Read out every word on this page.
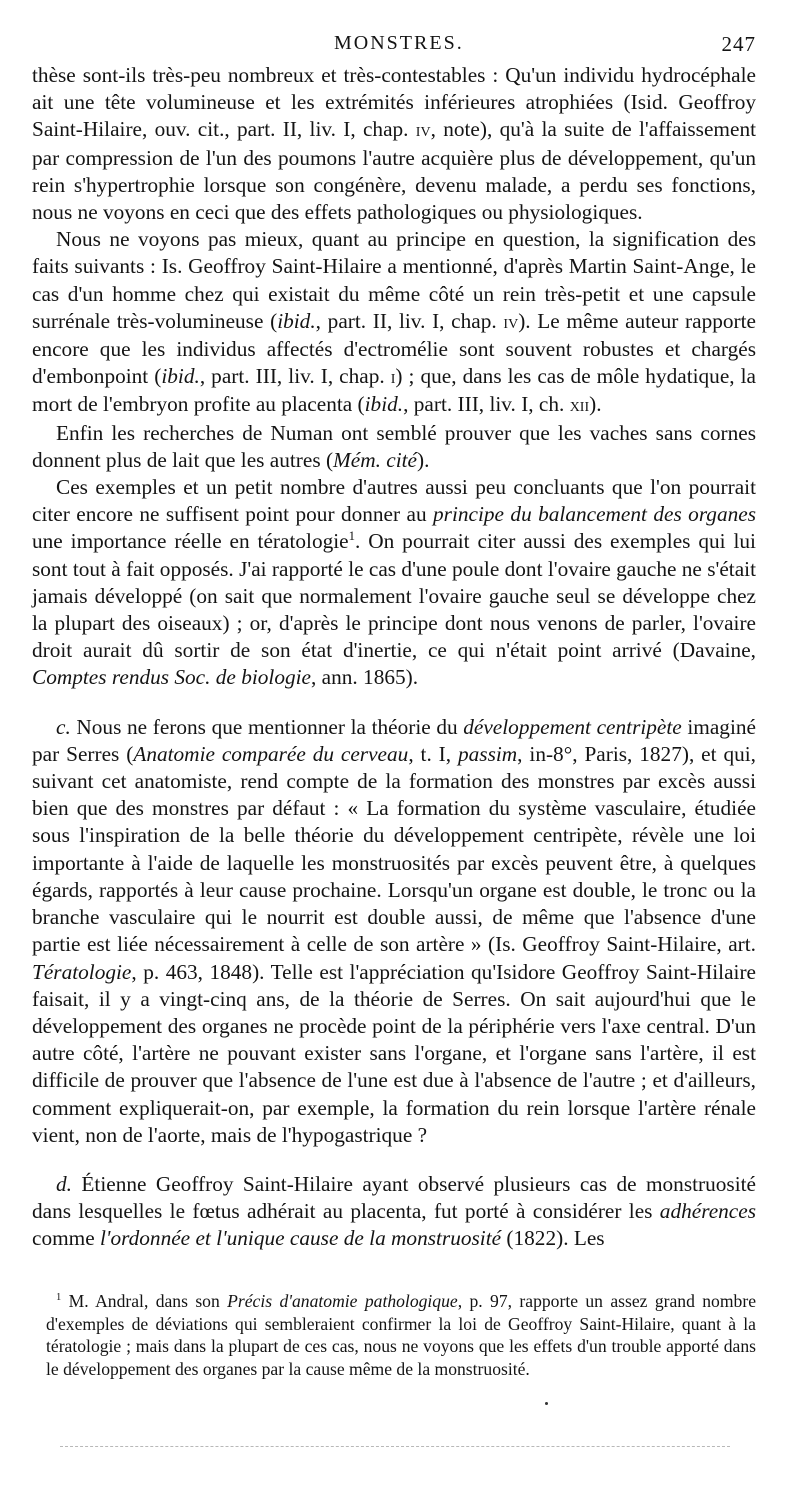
MONSTRES.	247

thèse sont-ils très-peu nombreux et très-contestables : Qu'un individu hydrocéphale ait une tête volumineuse et les extrémités inférieures atrophiées (Isid. Geoffroy Saint-Hilaire, ouv. cit., part. II, liv. I, chap. iv, note), qu'à la suite de l'affaissement par compression de l'un des poumons l'autre acquière plus de développement, qu'un rein s'hypertrophie lorsque son congénère, devenu malade, a perdu ses fonctions, nous ne voyons en ceci que des effets pathologiques ou physiologiques.

Nous ne voyons pas mieux, quant au principe en question, la signification des faits suivants : Is. Geoffroy Saint-Hilaire a mentionné, d'après Martin Saint-Ange, le cas d'un homme chez qui existait du même côté un rein très-petit et une capsule surrénale très-volumineuse (ibid., part. II, liv. I, chap. iv). Le même auteur rapporte encore que les individus affectés d'ectromélie sont souvent robustes et chargés d'embonpoint (ibid., part. III, liv. I, chap. i) ; que, dans les cas de môle hydatique, la mort de l'embryon profite au placenta (ibid., part. III, liv. I, ch. xii).

Enfin les recherches de Numan ont semblé prouver que les vaches sans cornes donnent plus de lait que les autres (Mém. cité).

Ces exemples et un petit nombre d'autres aussi peu concluants que l'on pourrait citer encore ne suffisent point pour donner au principe du balancement des organes une importance réelle en tératologie$^1$. On pourrait citer aussi des exemples qui lui sont tout à fait opposés. J'ai rapporté le cas d'une poule dont l'ovaire gauche ne s'était jamais développé (on sait que normalement l'ovaire gauche seul se développe chez la plupart des oiseaux) ; or, d'après le principe dont nous venons de parler, l'ovaire droit aurait dû sortir de son état d'inertie, ce qui n'était point arrivé (Davaine, Comptes rendus Soc. de biologie, ann. 1865).

c. Nous ne ferons que mentionner la théorie du développement centripète imaginé par Serres (Anatomie comparée du cerveau, t. I, passim, in-8°, Paris, 1827), et qui, suivant cet anatomiste, rend compte de la formation des monstres par excès aussi bien que des monstres par défaut : « La formation du système vasculaire, étudiée sous l'inspiration de la belle théorie du développement centripète, révèle une loi importante à l'aide de laquelle les monstruosités par excès peuvent être, à quelques égards, rapportés à leur cause prochaine. Lorsqu'un organe est double, le tronc ou la branche vasculaire qui le nourrit est double aussi, de même que l'absence d'une partie est liée nécessairement à celle de son artère » (Is. Geoffroy Saint-Hilaire, art. Tératologie, p. 463, 1848). Telle est l'appréciation qu'Isidore Geoffroy Saint-Hilaire faisait, il y a vingt-cinq ans, de la théorie de Serres. On sait aujourd'hui que le développement des organes ne procède point de la périphérie vers l'axe central. D'un autre côté, l'artère ne pouvant exister sans l'organe, et l'organe sans l'artère, il est difficile de prouver que l'absence de l'une est due à l'absence de l'autre ; et d'ailleurs, comment expliquerait-on, par exemple, la formation du rein lorsque l'artère rénale vient, non de l'aorte, mais de l'hypogastrique ?

d. Étienne Geoffroy Saint-Hilaire ayant observé plusieurs cas de monstruosité dans lesquelles le fœtus adhérait au placenta, fut porté à considérer les adhérences comme l'ordonnée et l'unique cause de la monstruosité (1822). Les

$^1$ M. Andral, dans son Précis d'anatomie pathologique, p. 97, rapporte un assez grand nombre d'exemples de déviations qui sembleraient confirmer la loi de Geoffroy Saint-Hilaire, quant à la tératologie ; mais dans la plupart de ces cas, nous ne voyons que les effets d'un trouble apporté dans le développement des organes par la cause même de la monstruosité.
